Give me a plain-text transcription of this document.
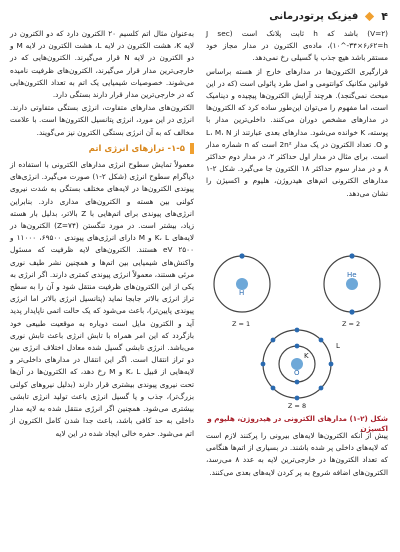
۴
فیزیک پرتودرمانی

(V=۲) باشد که h ثابت پلانک است (J sec ۱۰^-۳۴×۶٫۶۲=h)، ماده‌ی الکترون در مدار مجاز خود مستقر باشد هیچ جذب یا گسیلی رخ نمی‌دهد.

قرارگیری الکترون‌ها در مدارهای خارج از هسته براساس قوانین مکانیک کوانتومی و اصل طرد پائولی است (که در این مبحث نمی‌گنجد). هرچند آرایش الکترون‌ها پیچیده و دینامیک است، اما مفهوم را می‌توان این‌طور ساده کرد که الکترون‌ها در مدارهای مشخص دوران می‌کنند. داخلی‌ترین مدار با پوسته، K خوانده می‌شود. مدارهای بعدی عبارتند از L، M، N و O. تعداد الکترون در یک مدار 2n² است که n شماره مدار است. برای مثال در مدار اول حداکثر ۲، در مدار دوم حداکثر ۸ و در مدار سوم حداکثر ۱۸ الکترون جا می‌گیرد. شکل ۲-۱ مدارهای الکترونی اتم‌های هیدروژن، هلیوم و اکسیژن را نشان می‌دهد.

H
Z = 1
He
Z = 2
O
K
L
Z = 8
شکل (۲-۱) مدارهای الکترونی در هیدروژن، هلیوم و اکسیژن

پیش از آنکه الکترون‌ها لایه‌های بیرونی را پرکنند لازم است که لایه‌های داخلی پر شده باشند. در بسیاری از اتم‌ها هنگامی که تعداد الکترون‌ها در خارجی‌ترین لایه به عدد ۸ می‌رسد، الکترون‌های اضافه شروع به پر کردن لایه‌های بعدی می‌کنند.

به‌عنوان مثال اتم کلسیم ۲۰ الکترون دارد که دو الکترون در لایه K، هشت الکترون در لایه L، هشت الکترون در لایه M و دو الکترون در لایه N قرار می‌گیرند. الکترون‌هایی که در خارجی‌ترین مدار قرار می‌گیرند، الکترون‌های ظرفیت نامیده می‌شوند. خصوصیات شیمیایی یک اتم به تعداد الکترون‌هایی که در خارجی‌ترین مدار قرار دارند بستگی دارد.

الکترون‌های مدارهای متفاوت، انرژی بستگی متفاوتی دارند. انرژی در این مورد، انرژی پتانسیل الکترون‌ها است. با علامت مخالف که به آن انرژی بستگی الکترون نیز می‌گویند.

۱-۵- ترازهای انرژی اتم

معمولاً تمایش سطوح انرژی مدارهای الکترونی با استفاده از دیاگرام سطوح انرژی (شکل ۲-۱) صورت می‌گیرد. انرژی‌های پیوندی الکترون‌ها در لایه‌های مختلف بستگی به شدت نیروی کولنی بین هسته و الکترون‌های مداری دارد. بنابراین انرژی‌های پیوندی برای اتم‌هایی با Z بالاتر، بدلیل بار هسته زیاد، بیشتر است. در مورد تنگستن (Z=۷۴) الکترون‌ها در لایه‌های K، L و M دارای انرژی‌های پیوندی ۶۹۵۰۰، ۱۱۰۰۰ و ۲۵۰۰ eV هستند. الکترون‌های لایه ظرفیت که مسئول واکنش‌های شیمیایی بین اتم‌ها و همچنین نشر طیف نوری مرئی هستند، معمولاً انرژی پیوندی کمتری دارند. اگر انرژی به یکی از این الکترون‌های ظرفیت منتقل شود و آن را به سطح تراز انرژی بالاتر جابجا نماید (پتانسیل انرژی بالاتر اما انرژی پیوندی پایین‌تر)، باعث می‌شود که یک حالت اتمی ناپایدار پدید آید و الکترون مایل است دوباره به موقعیت طبیعی خود بازگردد که این امر همراه با تابش انرژی باعث تابش نوری می‌باشد. انرژی تابشی گسیل شده معادل اختلاف انرژی بین دو تراز انتقال است. اگر این انتقال در مدارهای داخلی‌تر و لایه‌هایی از قبیل K، L و M رخ دهد، که الکترون‌ها در آن‌ها تحت نیروی پیوندی بیشتری قرار دارند (بدلیل نیروهای کولنی بزرگ‌تر)، جذب و یا گسیل انرژی باعث تولید انرژی تابشی بیشتری می‌شود. همچنین اگر انرژی منتقل شده به لایه مدار داخلی به حد کافی باشد، باعث جدا شدن کامل الکترون از اتم می‌شود. حفره خالی ایجاد شده در این لایه
